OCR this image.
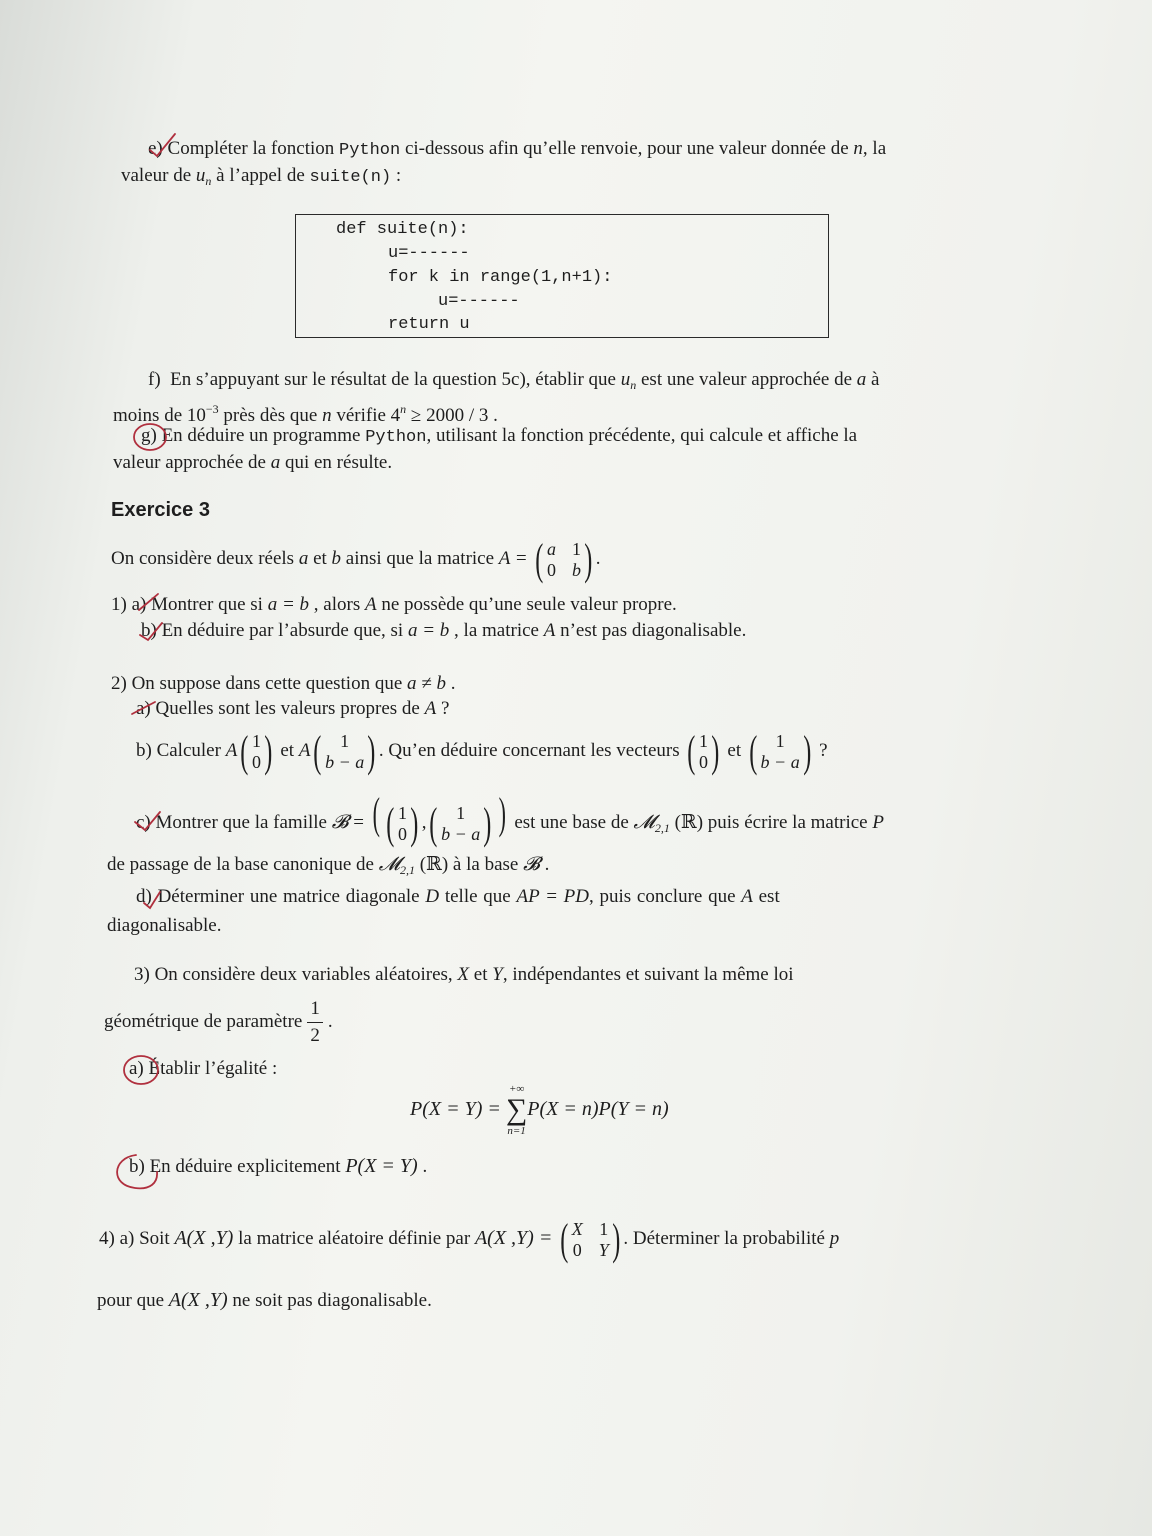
e) Compléter la fonction Python ci-dessous afin qu’elle renvoie, pour une valeur donnée de n, la
valeur de $u_n$ à l’appel de suite(n) :
def suite(n):
u=------
for k in range(1,n+1):
u=------
return u
f) En s’appuyant sur le résultat de la question 5c), établir que $u_n$ est une valeur approchée de a à
moins de $10^{-3}$ près dès que n vérifie $4^n \ge 2000 / 3$ .
g) En déduire un programme Python, utilisant la fonction précédente, qui calcule et affiche la
valeur approchée de a qui en résulte.
Exercice 3
On considère deux réels a et b ainsi que la matrice A = ( a 1
0 b ) .
1) a) Montrer que si a = b , alors A ne possède qu’une seule valeur propre.
b) En déduire par l’absurde que, si a = b , la matrice A n’est pas diagonalisable.
2) On suppose dans cette question que a ≠ b .
a) Quelles sont les valeurs propres de A ?
b) Calculer A ( 1
0 ) et A (	1
b − a ) . Qu’en déduire concernant les vecteurs ( 1
0 ) et (	1
b − a ) ?
c) Montrer que la famille 𝓑 = ( ( 1
0 ) , (	1
b − a ) ) est une base de 𝓜$_{2,1}$ (ℝ) puis écrire la matrice P
de passage de la base canonique de 𝓜$_{2,1}$ (ℝ) à la base 𝓑 .
d) Déterminer une matrice diagonale D telle que AP = PD, puis conclure que A est
diagonalisable.
3) On considère deux variables aléatoires, X et Y, indépendantes et suivant la même loi
géométrique de paramètre $\frac{1}{2}$ .
a) Établir l’égalité :
P(X = Y) =
+∞
∑
n=1
P(X = n)P(Y = n)
b) En déduire explicitement P(X = Y) .
4) a) Soit A(X ,Y) la matrice aléatoire définie par A(X ,Y) = ( X 1
0 Y ) . Déterminer la probabilité p
pour que A(X ,Y) ne soit pas diagonalisable.
